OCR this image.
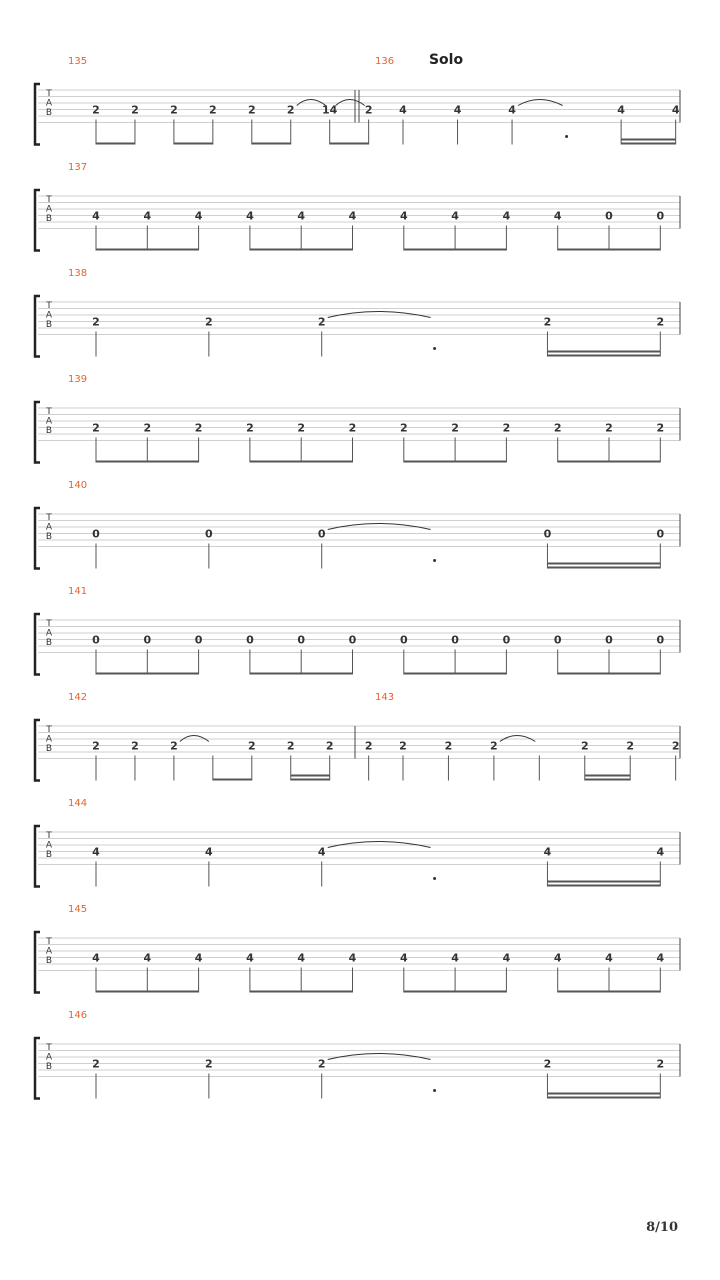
Solo
T
A
B
135
2	2	2	2	2	2 14 2
136
4	4	4	4	4
T
A
B
137
4	4	4	4	4	4	4	4	4	4	0	0
T
A
B
138
2	2	2	2	2
T
A
B
139
2	2	2	2	2	2	2	2	2	2	2	2
T
A
B
140
0	0	0	0	0
T
A
B
141
0	0	0	0	0	0	0	0	0	0	0	0
T
A
B
142
2	2	2	2	2	2	2
143
2	2	2	2	2	2
T
A
B
144
4	4	4	4	4
T
A
B
145
4	4	4	4	4	4	4	4	4	4	4	4
T
A
B
146
2	2	2	2	2
8/10
